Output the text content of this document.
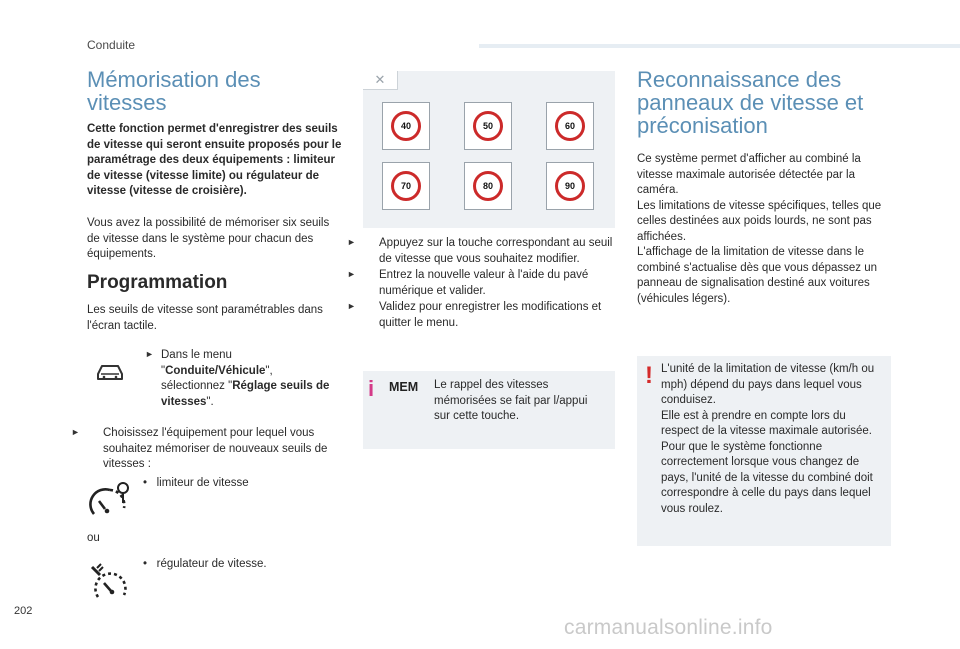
Conduite
Mémorisation des vitesses

Cette fonction permet d'enregistrer des seuils de vitesse qui seront ensuite proposés pour le paramétrage des deux équipements : limiteur de vitesse (vitesse limite) ou régulateur de vitesse (vitesse de croisière).

Vous avez la possibilité de mémoriser six seuils de vitesse dans le système pour chacun des équipements.

Programmation

Les seuils de vitesse sont paramétrables dans l'écran tactile.

► Dans le menu
"Conduite/Véhicule",
sélectionnez "Réglage seuils de vitesses".
► Choisissez l'équipement pour lequel vous souhaitez mémoriser de nouveaux seuils de vitesses :
•   limiteur de vitesse
ou
•   régulateur de vitesse.
✕
40	50	60
70	80	90
► Appuyez sur la touche correspondant au seuil de vitesse que vous souhaitez modifier.
► Entrez la nouvelle valeur à l'aide du pavé numérique et valider.
► Validez pour enregistrer les modifications et quitter le menu.
i MEM Le rappel des vitesses mémorisées se fait par l/appui sur cette touche.

Reconnaissance des panneaux de vitesse et préconisation

Ce système permet d'afficher au combiné la vitesse maximale autorisée détectée par la caméra.

Les limitations de vitesse spécifiques, telles que celles destinées aux poids lourds, ne sont pas affichées.

L'affichage de la limitation de vitesse dans le combiné s'actualise dès que vous dépassez un panneau de signalisation destiné aux voitures (véhicules légers).

! L'unité de la limitation de vitesse (km/h ou mph) dépend du pays dans lequel vous conduisez.

Elle est à prendre en compte lors du respect de la vitesse maximale autorisée. Pour que le système fonctionne correctement lorsque vous changez de pays, l'unité de la vitesse du combiné doit correspondre à celle du pays dans lequel vous roulez.

202
carmanualsonline.info
